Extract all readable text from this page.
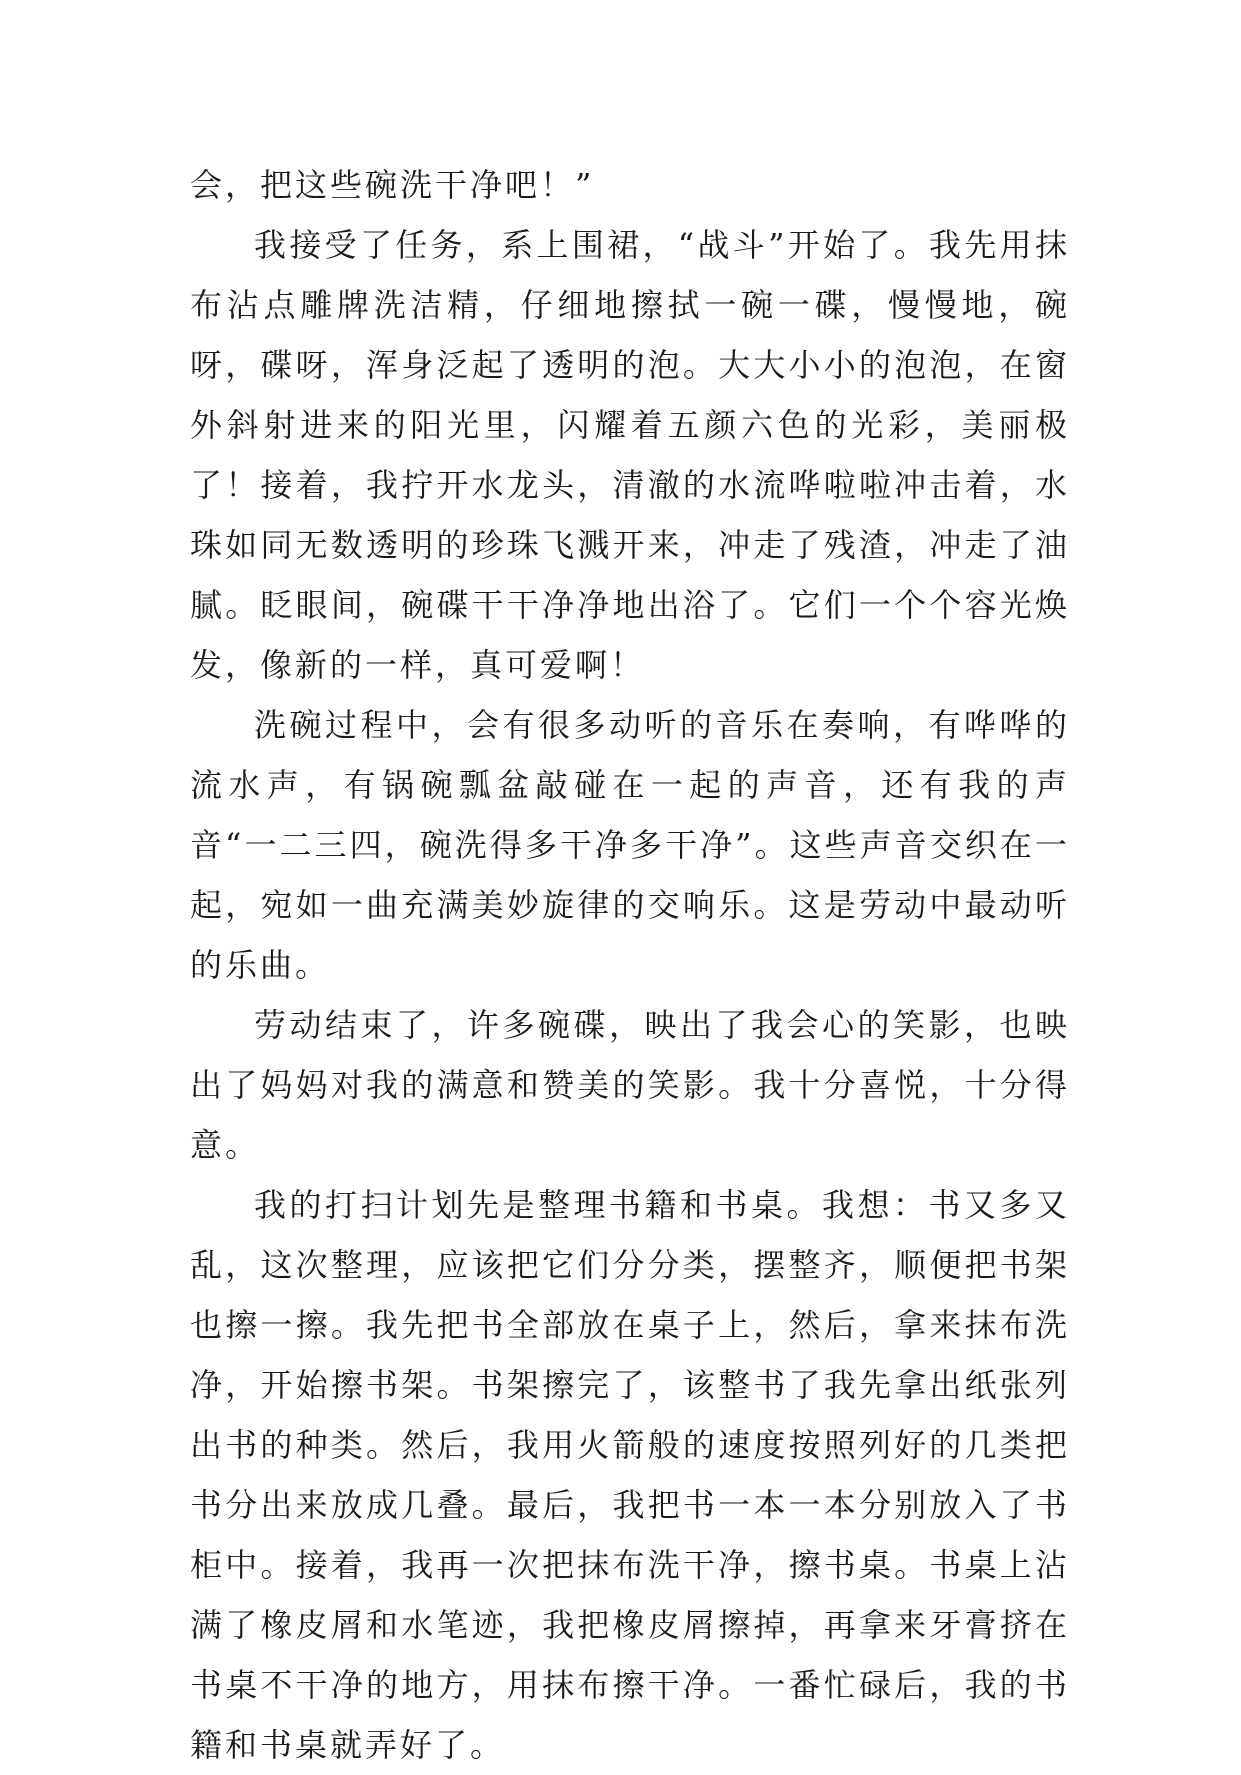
会，把这些碗洗干净吧！”

我接受了任务，系上围裙，“战斗”开始了。我先用抹布沾点雕牌洗洁精，仔细地擦拭一碗一碟，慢慢地，碗呀，碟呀，浑身泛起了透明的泡。大大小小的泡泡，在窗外斜射进来的阳光里，闪耀着五颜六色的光彩，美丽极了！接着，我拧开水龙头，清澈的水流哗啦啦冲击着，水珠如同无数透明的珍珠飞溅开来，冲走了残渣，冲走了油腻。眨眼间，碗碟干干净净地出浴了。它们一个个容光焕发，像新的一样，真可爱啊！

洗碗过程中，会有很多动听的音乐在奏响，有哗哗的流水声，有锅碗瓢盆敲碰在一起的声音，还有我的声音“一二三四，碗洗得多干净多干净”。这些声音交织在一起，宛如一曲充满美妙旋律的交响乐。这是劳动中最动听的乐曲。

劳动结束了，许多碗碟，映出了我会心的笑影，也映出了妈妈对我的满意和赞美的笑影。我十分喜悦，十分得意。

我的打扫计划先是整理书籍和书桌。我想：书又多又乱，这次整理，应该把它们分分类，摆整齐，顺便把书架也擦一擦。我先把书全部放在桌子上，然后，拿来抹布洗净，开始擦书架。书架擦完了，该整书了我先拿出纸张列出书的种类。然后，我用火箭般的速度按照列好的几类把书分出来放成几叠。最后，我把书一本一本分别放入了书柜中。接着，我再一次把抹布洗干净，擦书桌。书桌上沾满了橡皮屑和水笔迹，我把橡皮屑擦掉，再拿来牙膏挤在书桌不干净的地方，用抹布擦干净。一番忙碌后，我的书籍和书桌就弄好了。
